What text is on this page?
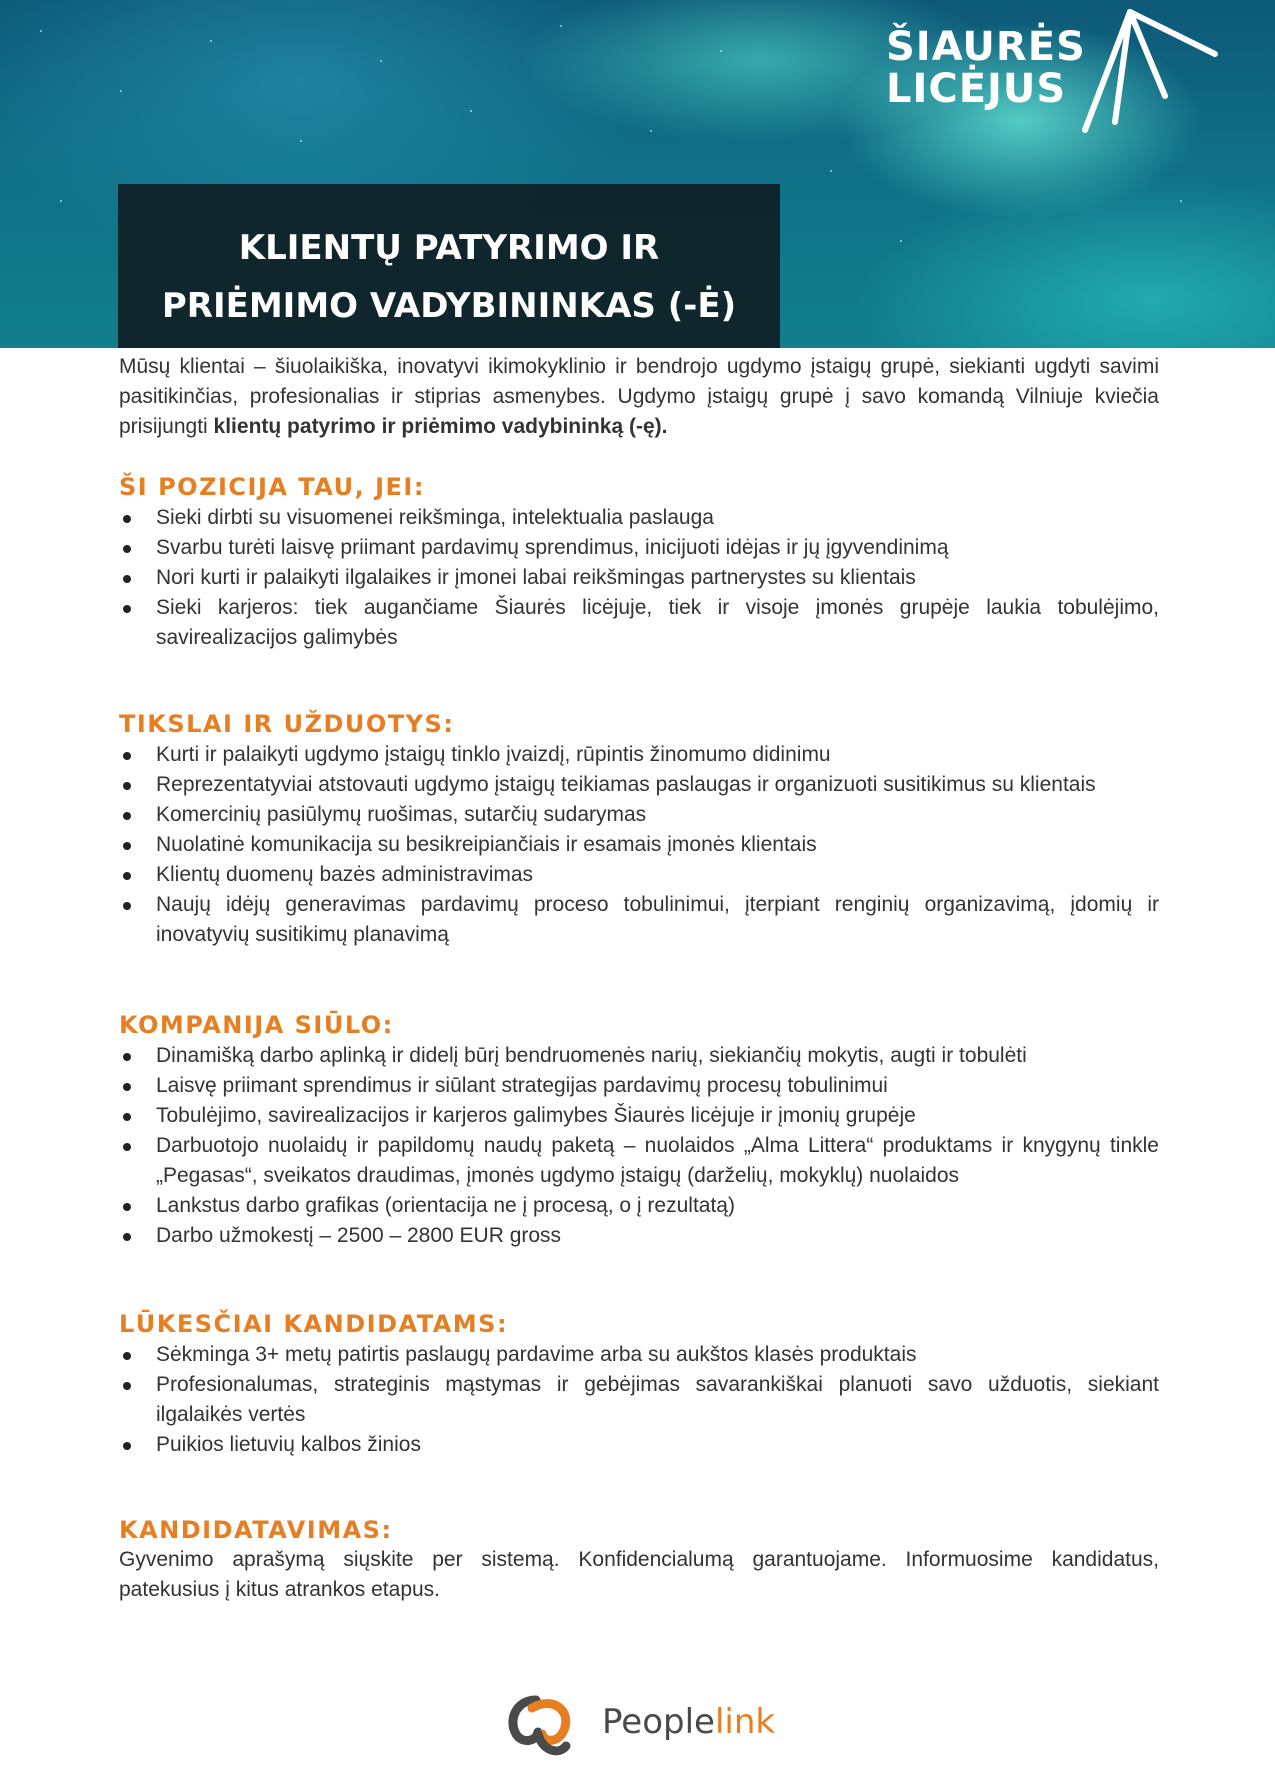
ŠIAURĖS
LICĖJUS
KLIENTŲ PATYRIMO IR
PRIĖMIMO VADYBININKAS (-Ė)

Mūsų klientai – šiuolaikiška, inovatyvi ikimokyklinio ir bendrojo ugdymo įstaigų grupė, siekianti ugdyti savimi pasitikinčias, profesionalias ir stiprias asmenybes. Ugdymo įstaigų grupė į savo komandą Vilniuje kviečia prisijungti klientų patyrimo ir priėmimo vadybininką (-ę).

ŠI POZICIJA TAU, JEI:
Sieki dirbti su visuomenei reikšminga, intelektualia paslauga
Svarbu turėti laisvę priimant pardavimų sprendimus, inicijuoti idėjas ir jų įgyvendinimą
Nori kurti ir palaikyti ilgalaikes ir įmonei labai reikšmingas partnerystes su klientais
Sieki karjeros: tiek augančiame Šiaurės licėjuje, tiek ir visoje įmonės grupėje laukia tobulėjimo, savirealizacijos galimybės
TIKSLAI IR UŽDUOTYS:
Kurti ir palaikyti ugdymo įstaigų tinklo įvaizdį, rūpintis žinomumo didinimu
Reprezentatyviai atstovauti ugdymo įstaigų teikiamas paslaugas ir organizuoti susitikimus su klientais
Komercinių pasiūlymų ruošimas, sutarčių sudarymas
Nuolatinė komunikacija su besikreipiančiais ir esamais įmonės klientais
Klientų duomenų bazės administravimas
Naujų idėjų generavimas pardavimų proceso tobulinimui, įterpiant renginių organizavimą, įdomių ir inovatyvių susitikimų planavimą
KOMPANIJA SIŪLO:
Dinamišką darbo aplinką ir didelį būrį bendruomenės narių, siekiančių mokytis, augti ir tobulėti
Laisvę priimant sprendimus ir siūlant strategijas pardavimų procesų tobulinimui
Tobulėjimo, savirealizacijos ir karjeros galimybes Šiaurės licėjuje ir įmonių grupėje
Darbuotojo nuolaidų ir papildomų naudų paketą – nuolaidos „Alma Littera“ produktams ir knygynų tinkle „Pegasas“, sveikatos draudimas, įmonės ugdymo įstaigų (darželių, mokyklų) nuolaidos
Lankstus darbo grafikas (orientacija ne į procesą, o į rezultatą)
Darbo užmokestį – 2500 – 2800 EUR gross
LŪKESČIAI KANDIDATAMS:
Sėkminga 3+ metų patirtis paslaugų pardavime arba su aukštos klasės produktais
Profesionalumas, strateginis mąstymas ir gebėjimas savarankiškai planuoti savo užduotis, siekiant ilgalaikės vertės
Puikios lietuvių kalbos žinios
KANDIDATAVIMAS:

Gyvenimo aprašymą siųskite per sistemą. Konfidencialumą garantuojame. Informuosime kandidatus, patekusius į kitus atrankos etapus.

Peoplelink
